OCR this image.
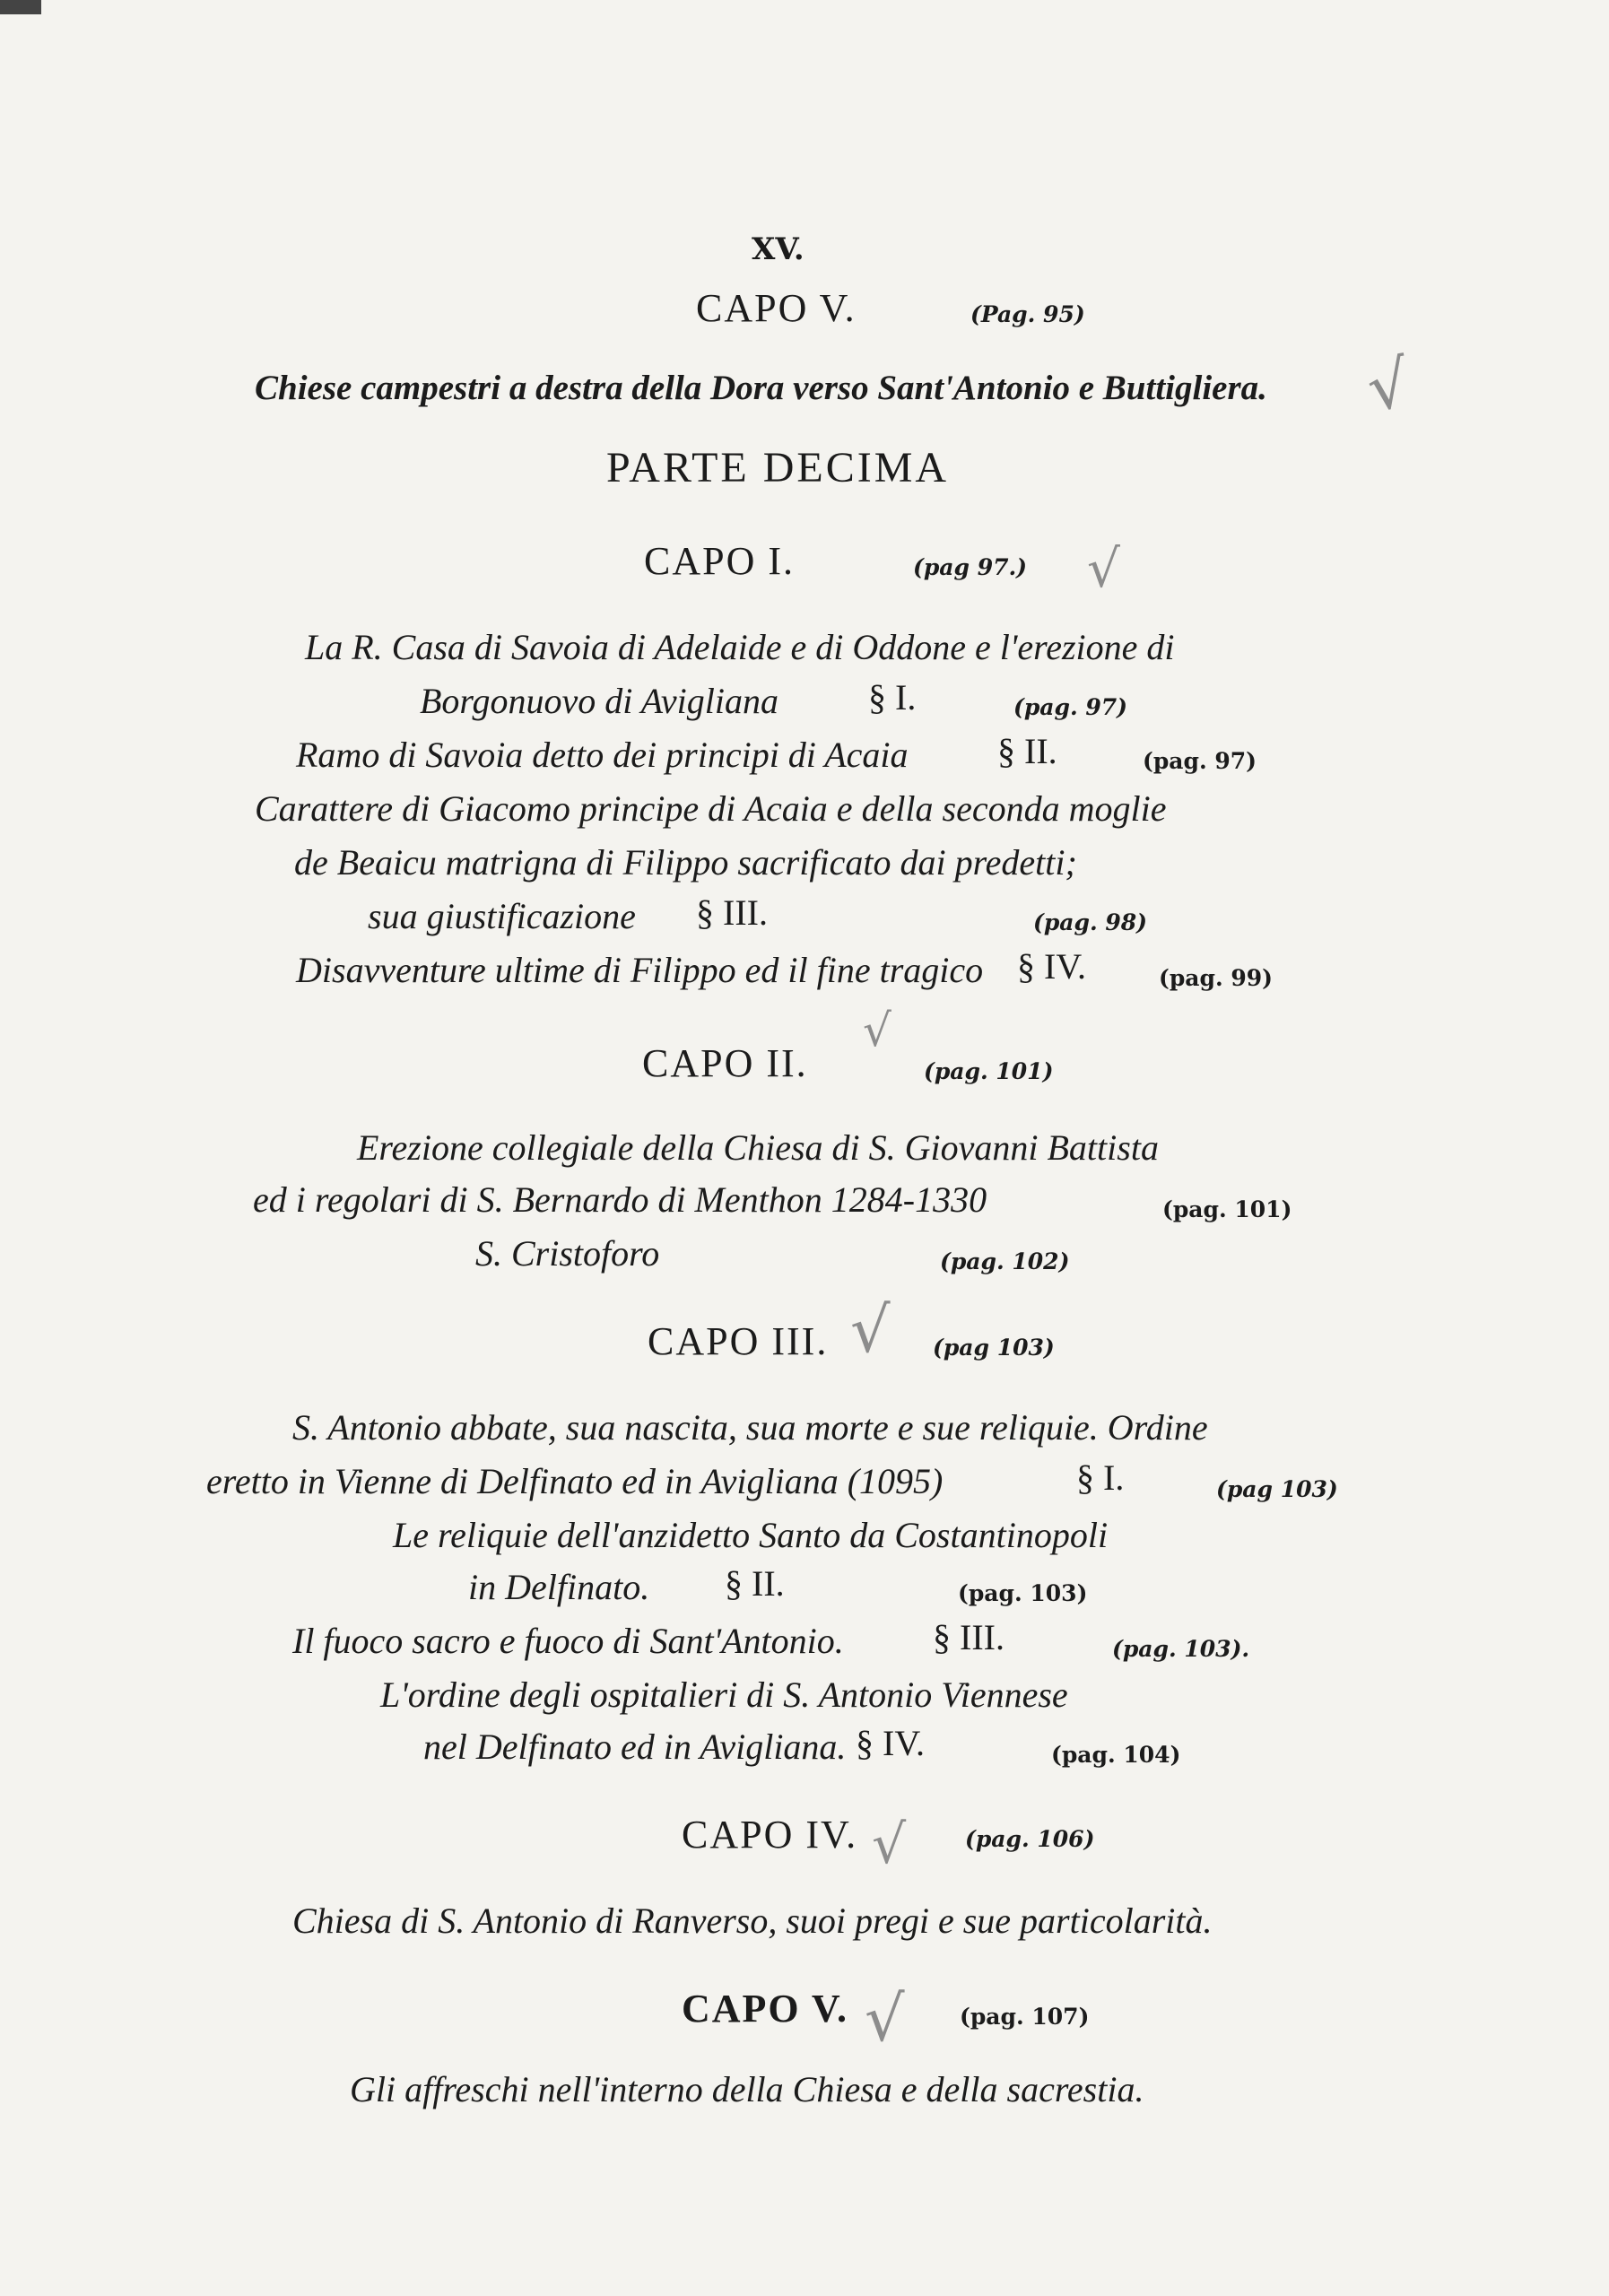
XV.
CAPO V.	(Pag. 95)
√
Chiese campestri a destra della Dora verso Sant'Antonio e Buttigliera.
PARTE DECIMA
CAPO I.	(pag 97.) √
La R. Casa di Savoia di Adelaide e di Oddone e l'erezione di
Borgonuovo di Avigliana	§ I.	(pag. 97)
Ramo di Savoia detto dei principi di Acaia § II.	(pag. 97)
Carattere di Giacomo principe di Acaia e della seconda moglie
de Beaicu matrigna di Filippo sacrificato dai predetti;
sua giustificazione § III.	(pag. 98)
Disavventure ultime di Filippo ed il fine tragico § IV.	(pag. 99)
√
CAPO II.	(pag. 101)
Erezione collegiale della Chiesa di S. Giovanni Battista
ed i regolari di S. Bernardo di Menthon 1284-1330	(pag. 101)
S. Cristoforo	(pag. 102)
CAPO III. √ (pag 103)
S. Antonio abbate, sua nascita, sua morte e sue reliquie. Ordine
eretto in Vienne di Delfinato ed in Avigliana (1095)	§ I.	(pag 103)
Le reliquie dell'anzidetto Santo da Costantinopoli
in Delfinato. § II.	(pag. 103)
Il fuoco sacro e fuoco di Sant'Antonio. § III.	(pag. 103).
L'ordine degli ospitalieri di S. Antonio Viennese
nel Delfinato ed in Avigliana. § IV.	(pag. 104)
CAPO IV. √	(pag. 106)
Chiesa di S. Antonio di Ranverso, suoi pregi e sue particolarità.
CAPO V. √ (pag. 107)
Gli affreschi nell'interno della Chiesa e della sacrestia.
